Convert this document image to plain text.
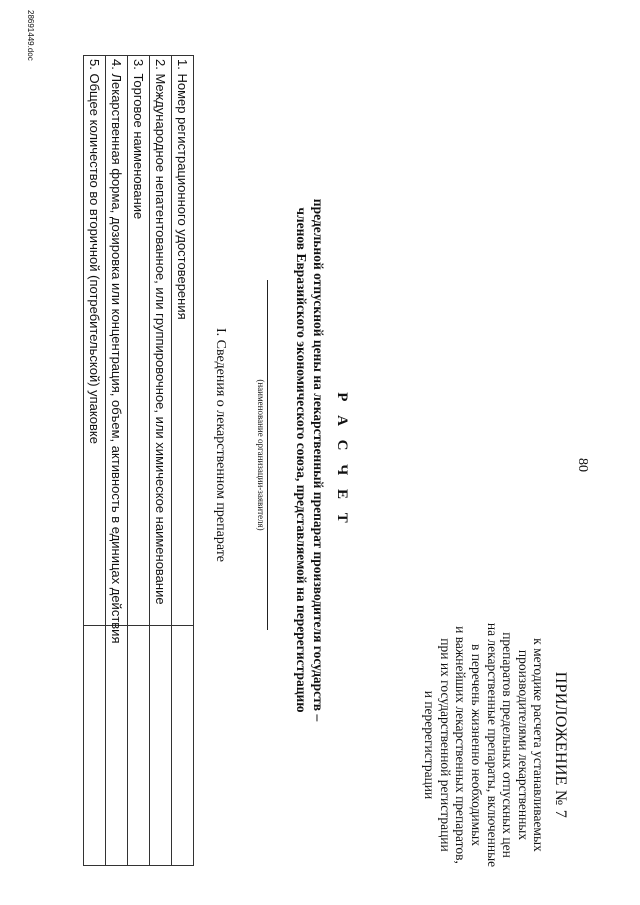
80
ПРИЛОЖЕНИЕ № 7
к методике расчета устанавливаемых
производителями лекарственных
препаратов предельных отпускных цен
на лекарственные препараты, включенные
в перечень жизненно необходимых
и важнейших лекарственных препаратов,
при их государственной регистрации
и перерегистрации
Р А С Ч Е Т
предельной отпускной цены на лекарственный препарат производителя государств –
членов Евразийского экономического союза, представляемой на перерегистрацию
(наименование организации-заявителя)
I. Сведения о лекарственном препарате
1. Номер регистрационного удостоверения	
2. Международное непатентованное, или группировочное, или химическое наименование	
3. Торговое наименование	
4. Лекарственная форма, дозировка или концентрация, объем, активность в единицах действия	
5. Общее количество во вторичной (потребительской) упаковке	
28691449.doc
